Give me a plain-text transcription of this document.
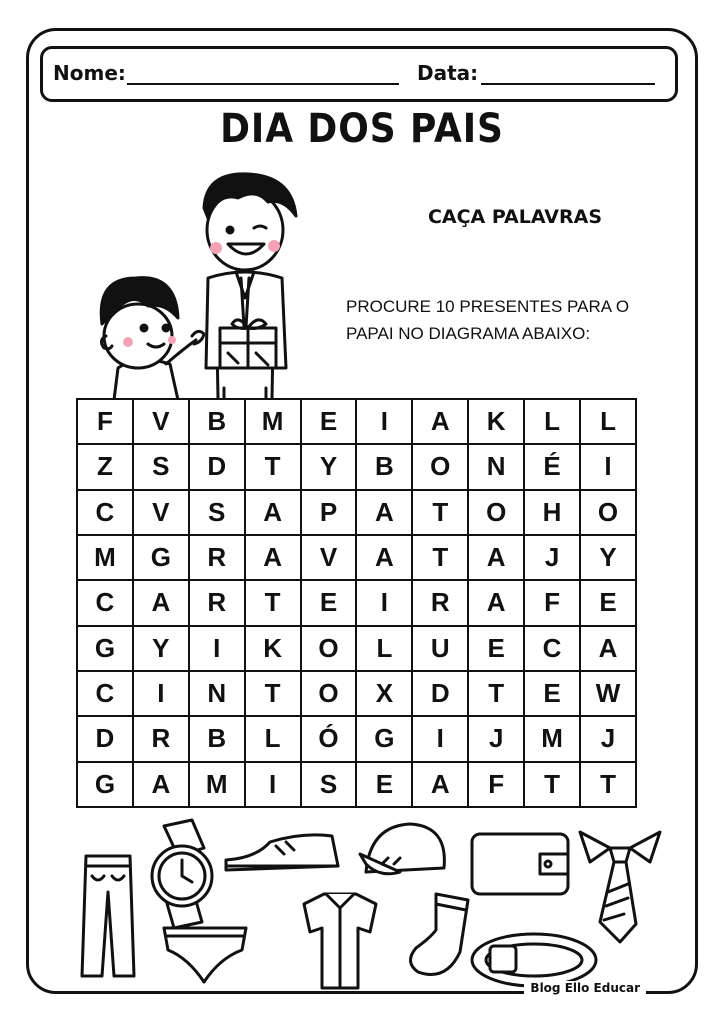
Nome:	Data:
DIA DOS PAIS
CAÇA PALAVRAS
PROCURE 10 PRESENTES PARA O
PAPAI NO DIAGRAMA ABAIXO:
F	V	B	M	E	I	A	K	L	L
Z	S	D	T	Y	B	O	N	É	I
C	V	S	A	P	A	T	O	H	O
M	G	R	A	V	A	T	A	J	Y
C	A	R	T	E	I	R	A	F	E
G	Y	I	K	O	L	U	E	C	A
C	I	N	T	O	X	D	T	E	W
D	R	B	L	Ó	G	I	J	M	J
G	A	M	I	S	E	A	F	T	T
Blog Ello Educar
